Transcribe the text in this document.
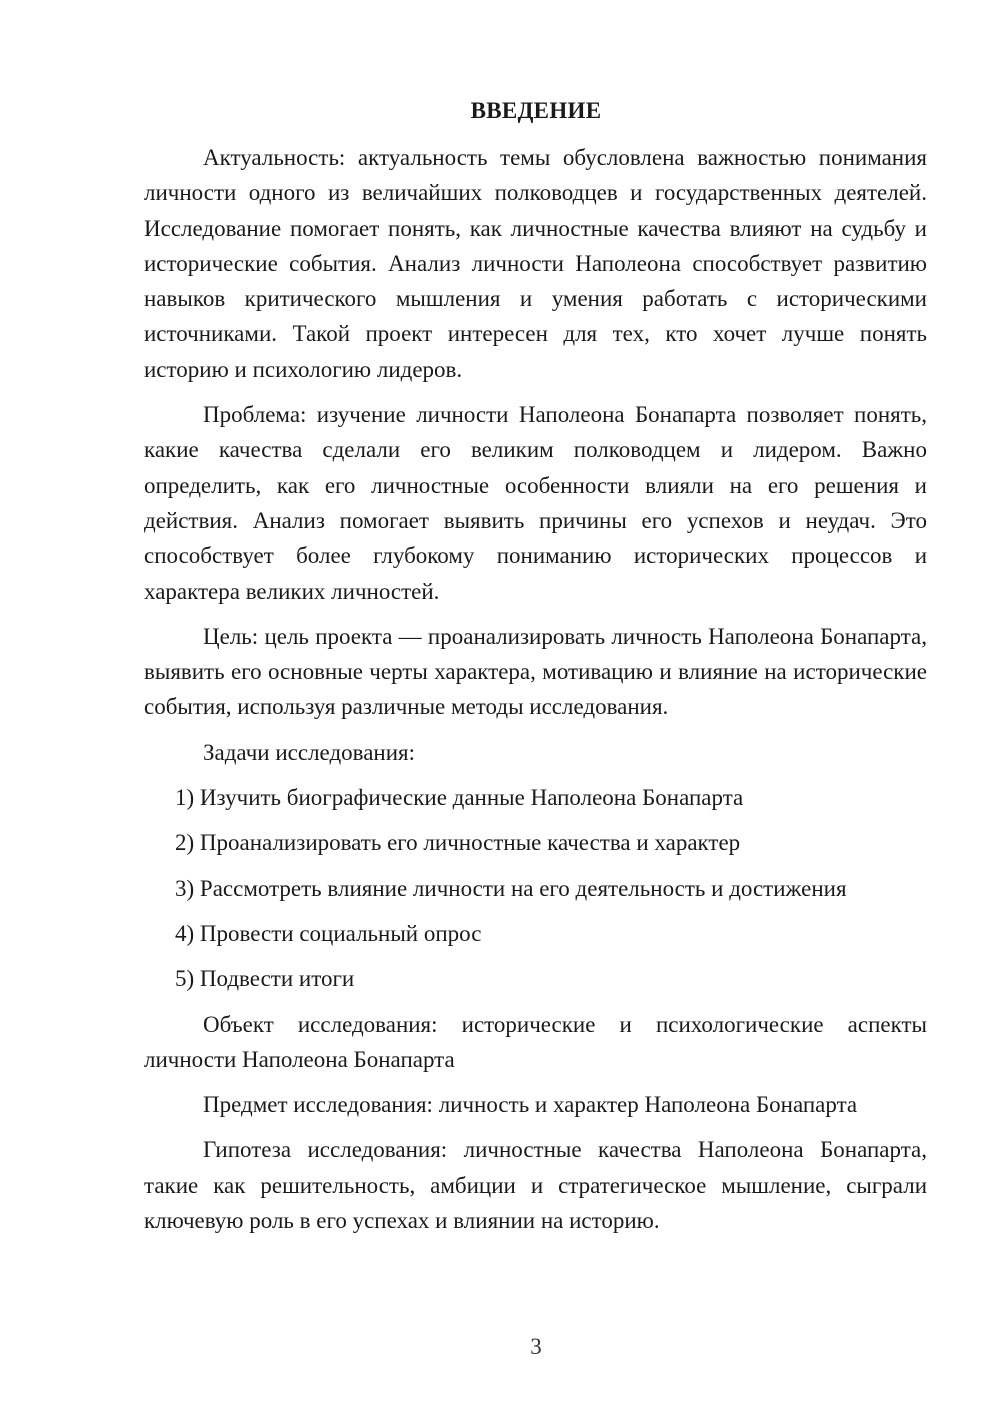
ВВЕДЕНИЕ

Актуальность: актуальность темы обусловлена важностью понимания личности одного из величайших полководцев и государственных деятелей. Исследование помогает понять, как личностные качества влияют на судьбу и исторические события. Анализ личности Наполеона способствует развитию навыков критического мышления и умения работать с историческими источниками. Такой проект интересен для тех, кто хочет лучше понять историю и психологию лидеров.

Проблема: изучение личности Наполеона Бонапарта позволяет понять, какие качества сделали его великим полководцем и лидером. Важно определить, как его личностные особенности влияли на его решения и действия. Анализ помогает выявить причины его успехов и неудач. Это способствует более глубокому пониманию исторических процессов и характера великих личностей.

Цель: цель проекта — проанализировать личность Наполеона Бонапарта, выявить его основные черты характера, мотивацию и влияние на исторические события, используя различные методы исследования.

Задачи исследования:

1) Изучить биографические данные Наполеона Бонапарта
2) Проанализировать его личностные качества и характер
3) Рассмотреть влияние личности на его деятельность и достижения
4) Провести социальный опрос
5) Подвести итоги

Объект исследования: исторические и психологические аспекты личности Наполеона Бонапарта

Предмет исследования: личность и характер Наполеона Бонапарта

Гипотеза исследования: личностные качества Наполеона Бонапарта, такие как решительность, амбиции и стратегическое мышление, сыграли ключевую роль в его успехах и влиянии на историю.

3
